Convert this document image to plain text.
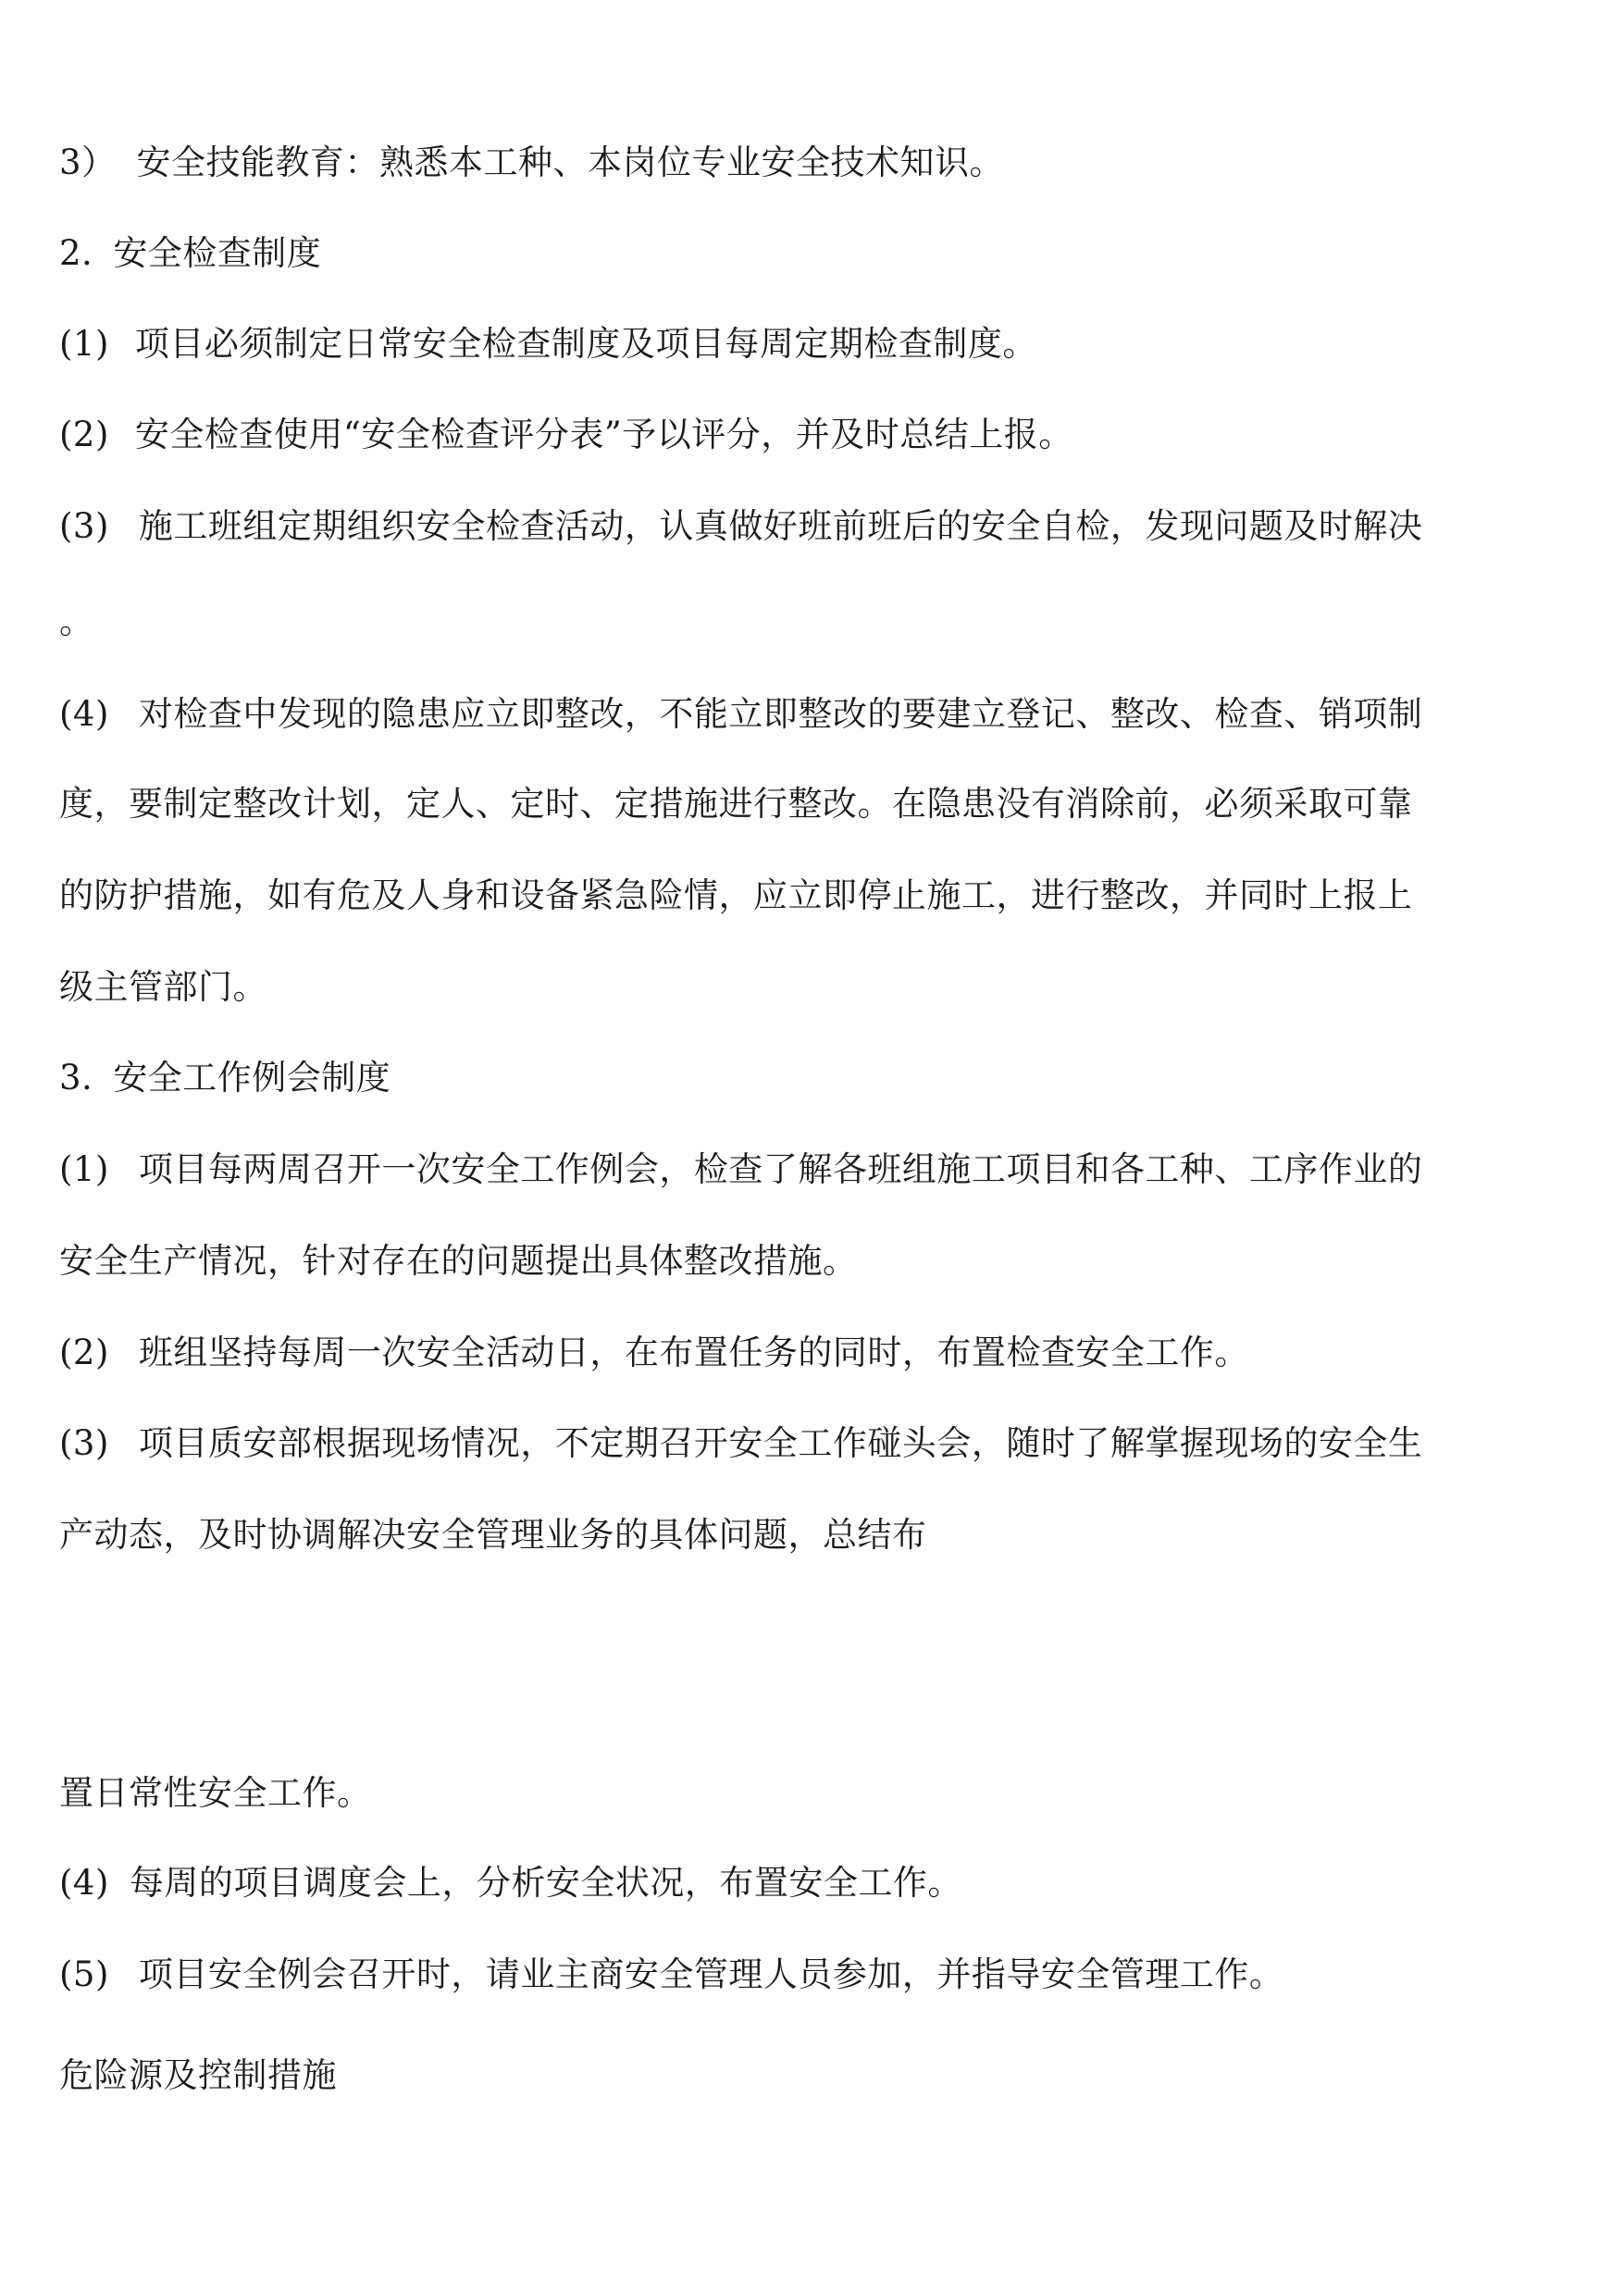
3） 安全技能教育：熟悉本工种、本岗位专业安全技术知识。
2. 安全检查制度
(1) 项目必须制定日常安全检查制度及项目每周定期检查制度。
(2) 安全检查使用“安全检查评分表”予以评分，并及时总结上报。
(3) 施工班组定期组织安全检查活动，认真做好班前班后的安全自检，发现问题及时解决
。
(4) 对检查中发现的隐患应立即整改，不能立即整改的要建立登记、整改、检查、销项制
度，要制定整改计划，定人、定时、定措施进行整改。在隐患没有消除前，必须采取可靠
的防护措施，如有危及人身和设备紧急险情，应立即停止施工，进行整改，并同时上报上
级主管部门。
3. 安全工作例会制度
(1) 项目每两周召开一次安全工作例会，检查了解各班组施工项目和各工种、工序作业的
安全生产情况，针对存在的问题提出具体整改措施。
(2) 班组坚持每周一次安全活动日，在布置任务的同时，布置检查安全工作。
(3) 项目质安部根据现场情况，不定期召开安全工作碰头会，随时了解掌握现场的安全生
产动态，及时协调解决安全管理业务的具体问题，总结布
置日常性安全工作。
(4) 每周的项目调度会上，分析安全状况，布置安全工作。
(5) 项目安全例会召开时，请业主商安全管理人员参加，并指导安全管理工作。
危险源及控制措施
